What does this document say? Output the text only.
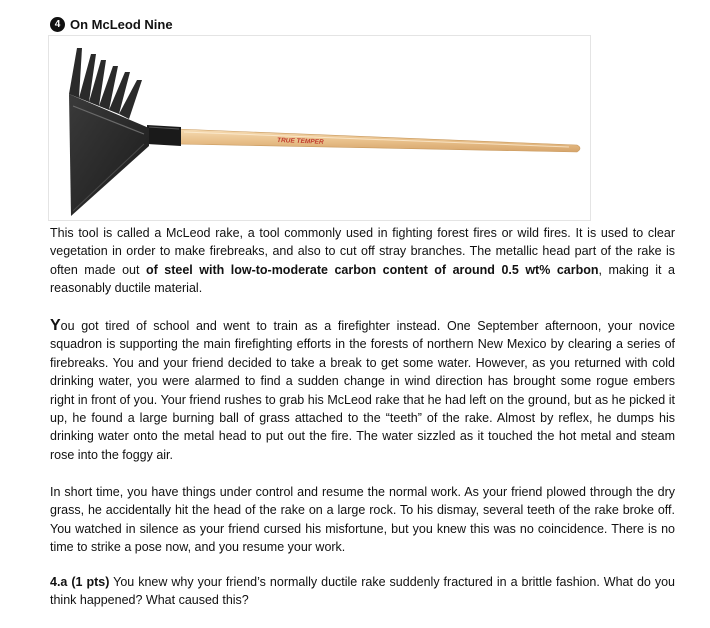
4 On McLeod Nine
TRUE TEMPER

This tool is called a McLeod rake, a tool commonly used in fighting forest fires or wild fires. It is used to clear vegetation in order to make firebreaks, and also to cut off stray branches. The metallic head part of the rake is often made out of steel with low-to-moderate carbon content of around 0.5 wt% carbon, making it a reasonably ductile material.

You got tired of school and went to train as a firefighter instead. One September afternoon, your novice squadron is supporting the main firefighting efforts in the forests of northern New Mexico by clearing a series of firebreaks. You and your friend decided to take a break to get some water. However, as you returned with cold drinking water, you were alarmed to find a sudden change in wind direction has brought some rogue embers right in front of you. Your friend rushes to grab his McLeod rake that he had left on the ground, but as he picked it up, he found a large burning ball of grass attached to the “teeth” of the rake. Almost by reflex, he dumps his drinking water onto the metal head to put out the fire. The water sizzled as it touched the hot metal and steam rose into the foggy air.

In short time, you have things under control and resume the normal work. As your friend plowed through the dry grass, he accidentally hit the head of the rake on a large rock. To his dismay, several teeth of the rake broke off. You watched in silence as your friend cursed his misfortune, but you knew this was no coincidence. There is no time to strike a pose now, and you resume your work.

4.a (1 pts) You knew why your friend’s normally ductile rake suddenly fractured in a brittle fashion. What do you think happened? What caused this?
